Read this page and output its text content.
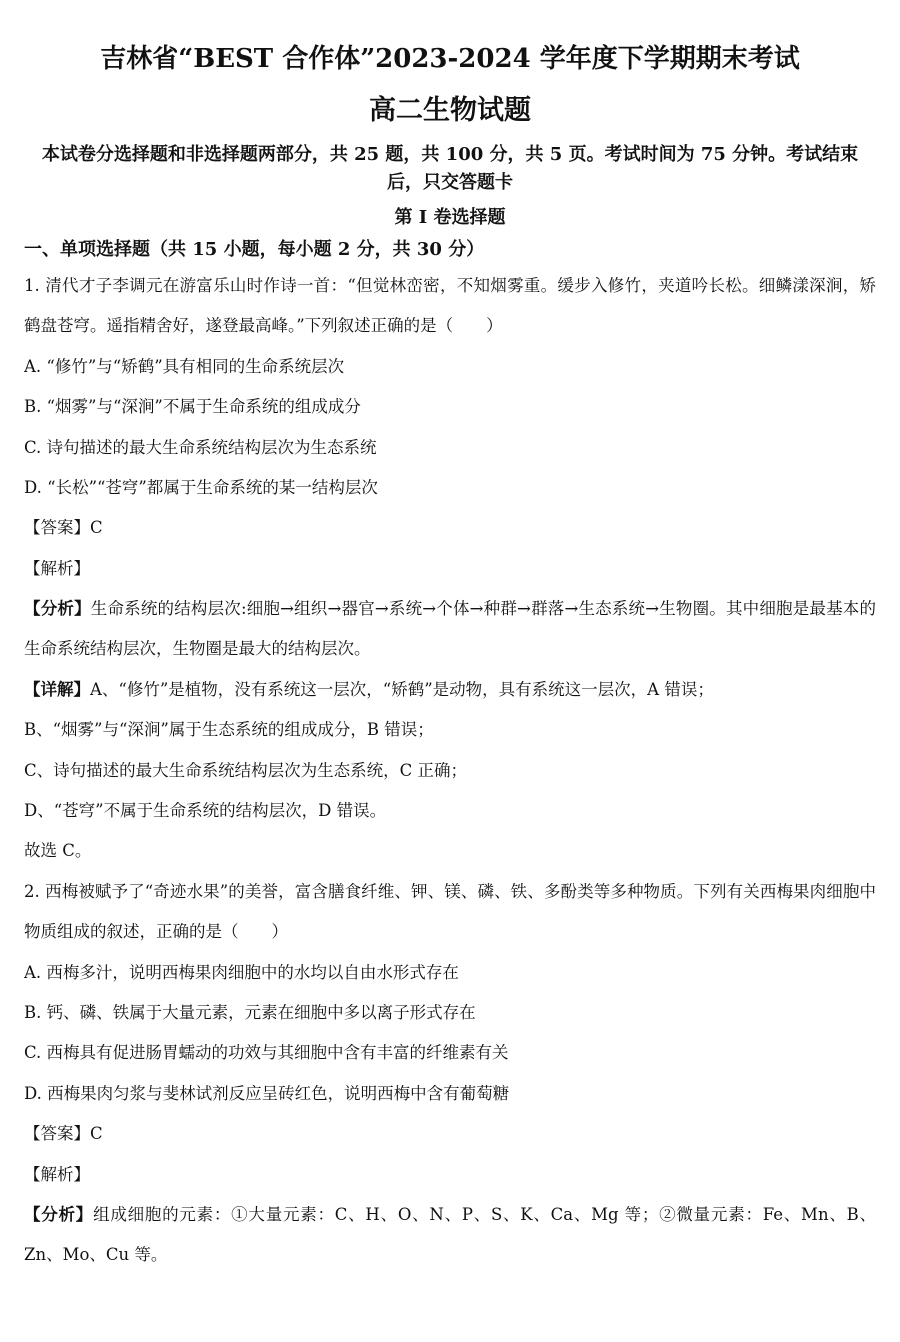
吉林省“BEST 合作体”2023-2024 学年度下学期期末考试
高二生物试题
本试卷分选择题和非选择题两部分，共 25 题，共 100 分，共 5 页。考试时间为 75 分钟。考试结束后，只交答题卡
第 I 卷选择题
一、单项选择题（共 15 小题，每小题 2 分，共 30 分）
1. 清代才子李调元在游富乐山时作诗一首：“但觉林峦密，不知烟雾重。缓步入修竹，夹道吟长松。细鳞漾深涧，矫鹤盘苍穹。遥指精舍好，遂登最高峰。”下列叙述正确的是（　　）
A. “修竹”与“矫鹤”具有相同的生命系统层次
B. “烟雾”与“深涧”不属于生命系统的组成成分
C. 诗句描述的最大生命系统结构层次为生态系统
D. “长松”“苍穹”都属于生命系统的某一结构层次
【答案】C
【解析】
【分析】生命系统的结构层次:细胞→组织→器官→系统→个体→种群→群落→生态系统→生物圈。其中细胞是最基本的生命系统结构层次，生物圈是最大的结构层次。
【详解】A、“修竹”是植物，没有系统这一层次，“矫鹤”是动物，具有系统这一层次，A 错误；
B、“烟雾”与“深涧”属于生态系统的组成成分，B 错误；
C、诗句描述的最大生命系统结构层次为生态系统，C 正确；
D、“苍穹”不属于生命系统的结构层次，D 错误。
故选 C。
2. 西梅被赋予了“奇迹水果”的美誉，富含膳食纤维、钾、镁、磷、铁、多酚类等多种物质。下列有关西梅果肉细胞中物质组成的叙述，正确的是（　　）
A. 西梅多汁，说明西梅果肉细胞中的水均以自由水形式存在
B. 钙、磷、铁属于大量元素，元素在细胞中多以离子形式存在
C. 西梅具有促进肠胃蠕动的功效与其细胞中含有丰富的纤维素有关
D. 西梅果肉匀浆与斐林试剂反应呈砖红色，说明西梅中含有葡萄糖
【答案】C
【解析】
【分析】组成细胞的元素：①大量元素：C、H、O、N、P、S、K、Ca、Mg 等；②微量元素：Fe、Mn、B、Zn、Mo、Cu 等。
